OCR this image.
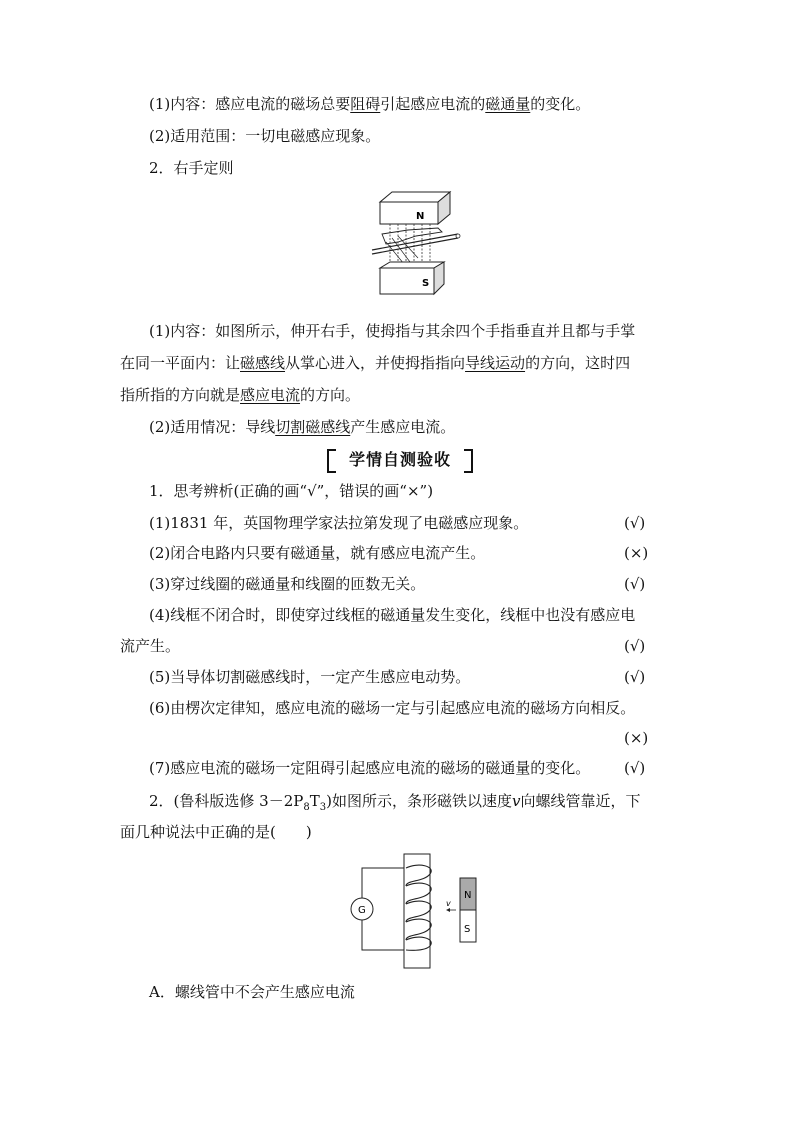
(1)内容：感应电流的磁场总要阻碍引起感应电流的磁通量的变化。
(2)适用范围：一切电磁感应现象。
2．右手定则
N
S
(1)内容：如图所示，伸开右手，使拇指与其余四个手指垂直并且都与手掌
在同一平面内：让磁感线从掌心进入，并使拇指指向导线运动的方向，这时四
指所指的方向就是感应电流的方向。
(2)适用情况：导线切割磁感线产生感应电流。
学情自测验收
1．思考辨析(正确的画“√”，错误的画“×”)
(1)1831 年，英国物理学家法拉第发现了电磁感应现象。	(√)
(2)闭合电路内只要有磁通量，就有感应电流产生。	(×)
(3)穿过线圈的磁通量和线圈的匝数无关。	(√)
(4)线框不闭合时，即使穿过线框的磁通量发生变化，线框中也没有感应电
流产生。	(√)
(5)当导体切割磁感线时，一定产生感应电动势。	(√)
(6)由楞次定律知，感应电流的磁场一定与引起感应电流的磁场方向相反。
(×)
(7)感应电流的磁场一定阻碍引起感应电流的磁场的磁通量的变化。 (√)
2．(鲁科版选修 $3-2P_8T_3$)如图所示，条形磁铁以速度v向螺线管靠近，下
面几种说法中正确的是(　　)
G
v
N
S
A．螺线管中不会产生感应电流
